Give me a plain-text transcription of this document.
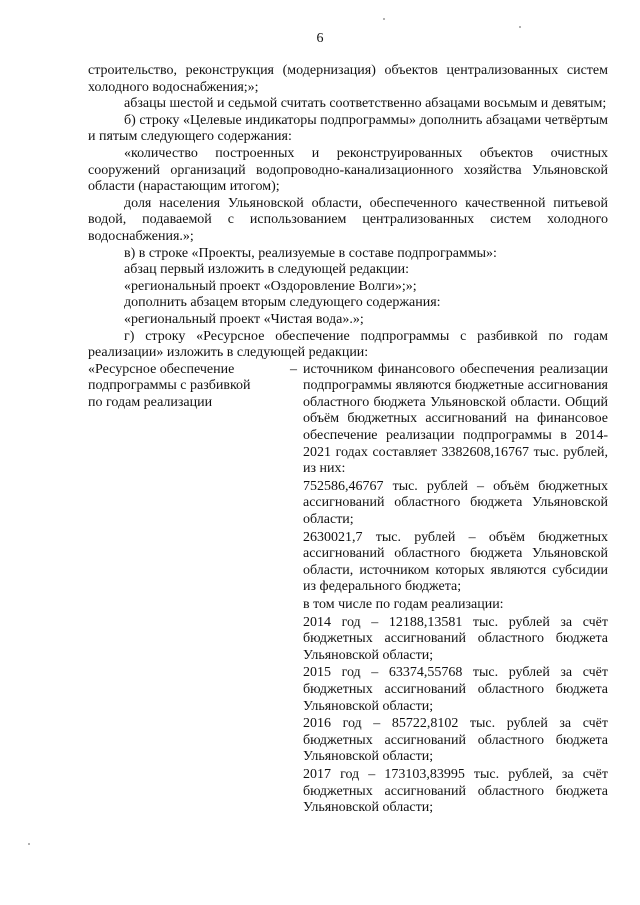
6

строительство, реконструкция (модернизация) объектов централизованных систем холодного водоснабжения;»;

абзацы шестой и седьмой считать соответственно абзацами восьмым и девятым;

б) строку «Целевые индикаторы подпрограммы» дополнить абзацами четвёртым и пятым следующего содержания:

«количество построенных и реконструированных объектов очистных сооружений организаций водопроводно-канализационного хозяйства Ульяновской области (нарастающим итогом);

доля населения Ульяновской области, обеспеченного качественной питьевой водой, подаваемой с использованием централизованных систем холодного водоснабжения.»;

в) в строке «Проекты, реализуемые в составе подпрограммы»:

абзац первый изложить в следующей редакции:

«региональный проект «Оздоровление Волги»;»;

дополнить абзацем вторым следующего содержания:

«региональный проект «Чистая вода».»;

г) строку «Ресурсное обеспечение подпрограммы с разбивкой по годам реализации» изложить в следующей редакции:

«Ресурсное обеспечение	–

подпрограммы с разбивкой

по годам реализации

источником финансового обеспечения реализации подпрограммы являются бюджетные ассигнования областного бюджета Ульяновской области. Общий объём бюджетных ассигнований на финансовое обеспечение реализации подпрограммы в 2014-2021 годах составляет 3382608,16767 тыс. рублей, из них:

752586,46767 тыс. рублей – объём бюджетных ассигнований областного бюджета Ульяновской области;

2630021,7 тыс. рублей – объём бюджетных ассигнований областного бюджета Ульяновской области, источником которых являются субсидии из федерального бюджета;

в том числе по годам реализации:

2014 год – 12188,13581 тыс. рублей за счёт бюджетных ассигнований областного бюджета Ульяновской области;

2015 год – 63374,55768 тыс. рублей за счёт бюджетных ассигнований областного бюджета Ульяновской области;

2016 год – 85722,8102 тыс. рублей за счёт бюджетных ассигнований областного бюджета Ульяновской области;

2017 год – 173103,83995 тыс. рублей, за счёт бюджетных ассигнований областного бюджета Ульяновской области;
